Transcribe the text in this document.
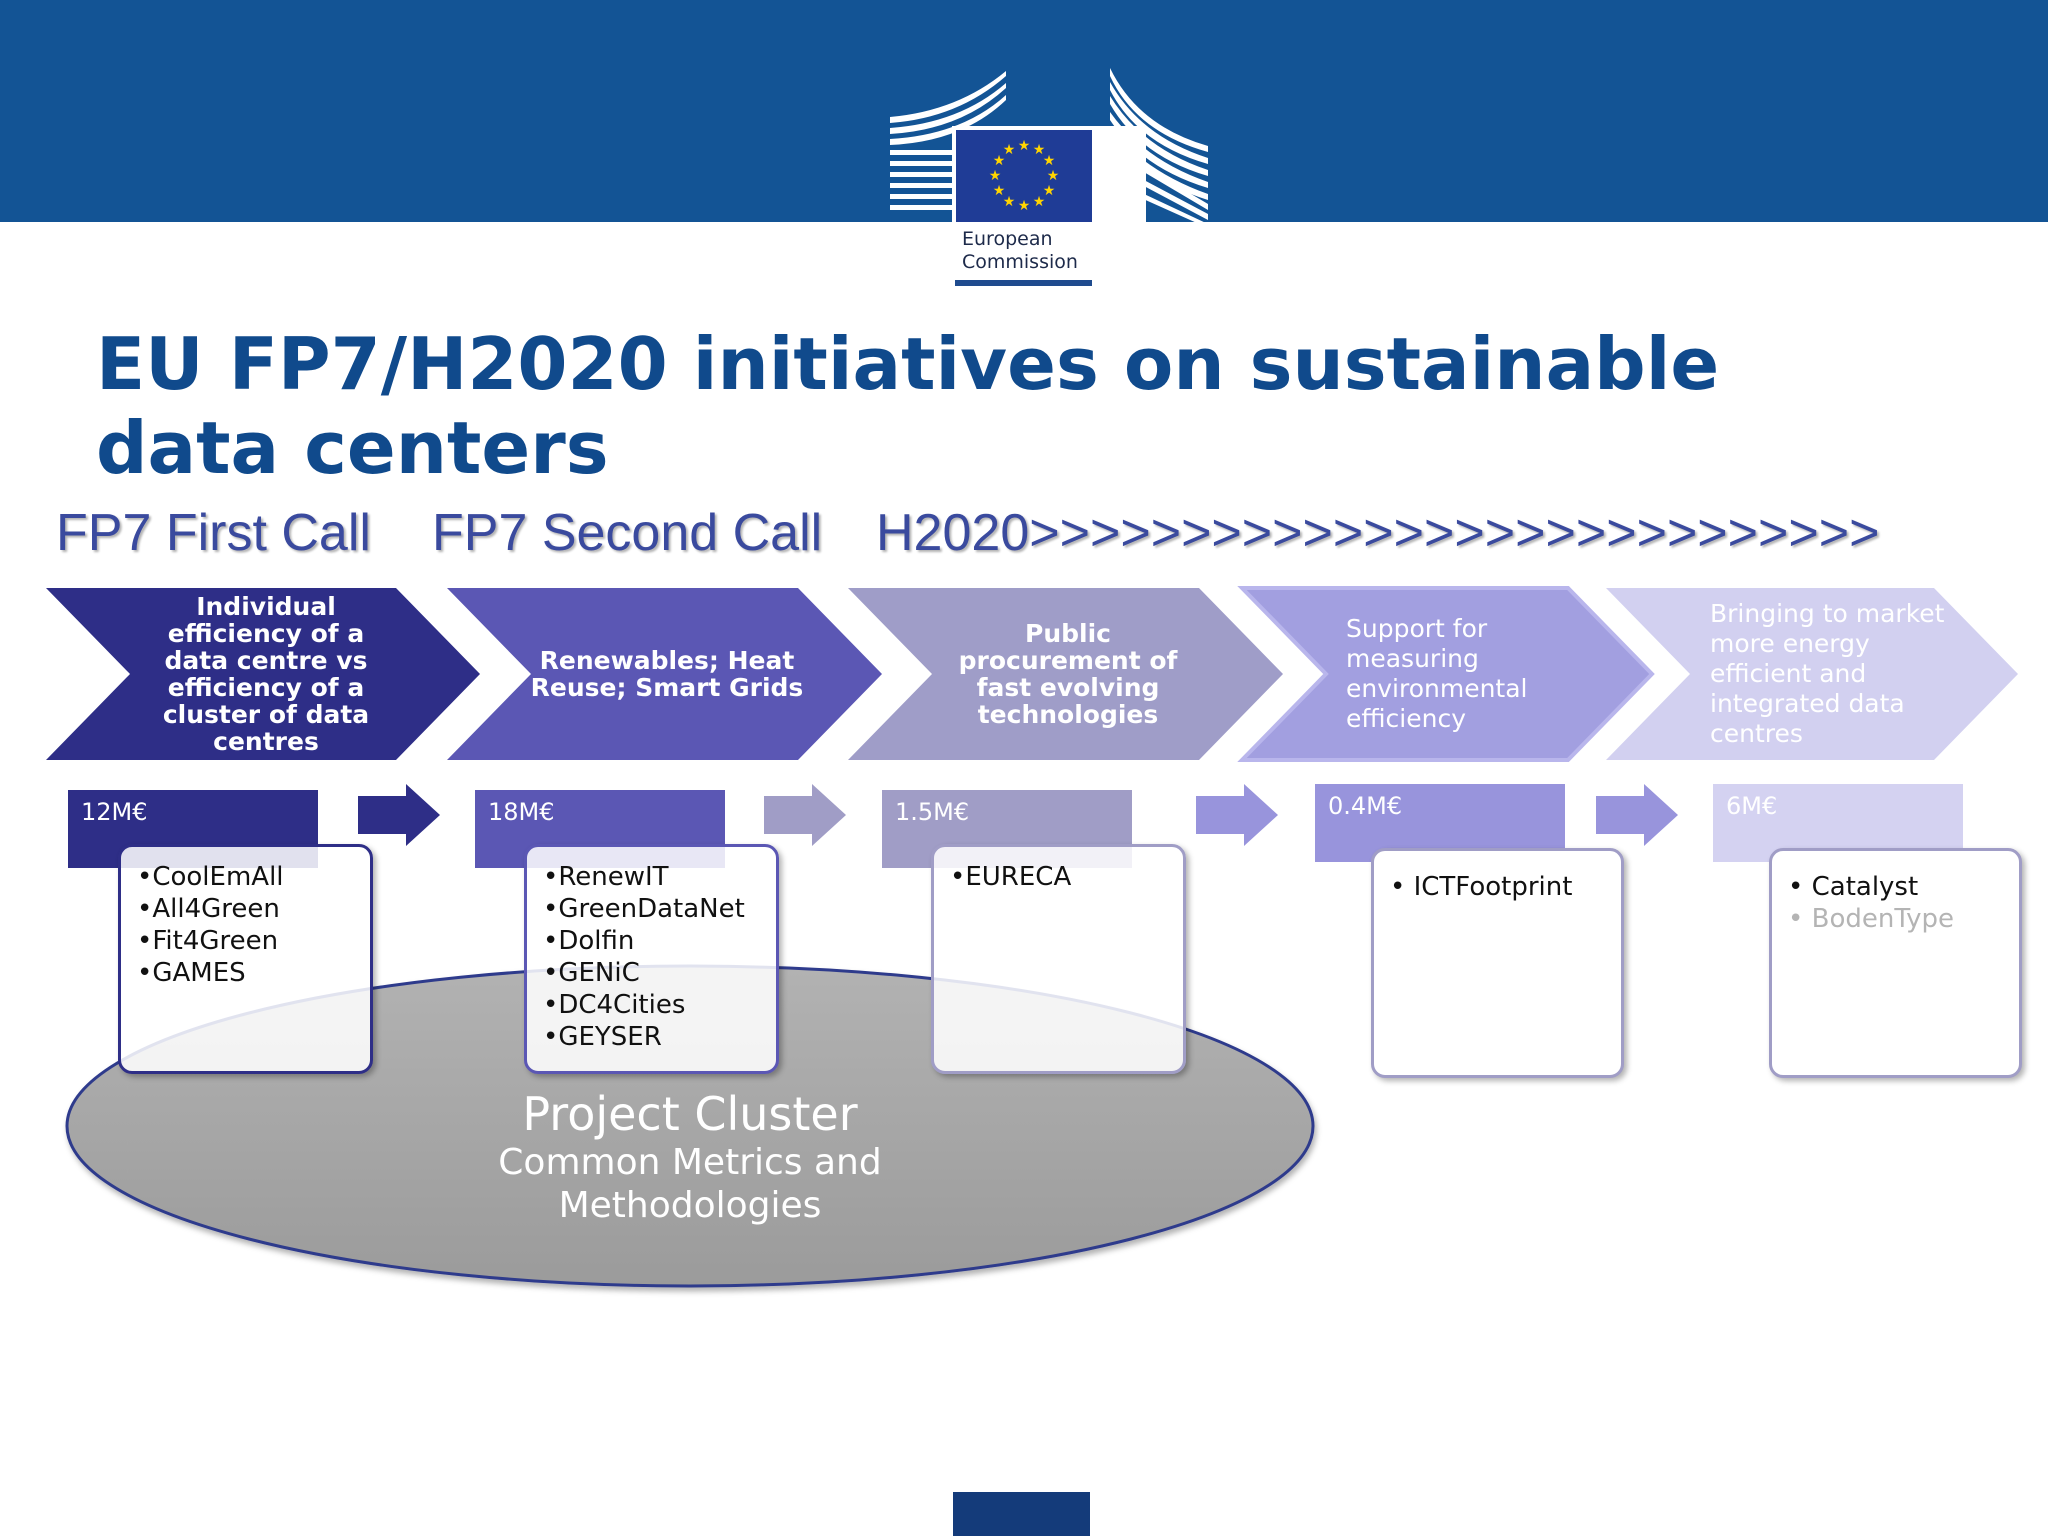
★ ★
★
★
★
★
★
★
★
★
★
★
European
Commission
EU FP7/H2020 initiatives on sustainable
data centers
FP7 First Call FP7 Second Call H2020>>>>>>>>>>>>>>>>>>>>>>>>>>>>
Individual efficiency of a data centre vs efficiency of a cluster of data centres
Renewables; Heat Reuse; Smart Grids
Public procurement of fast evolving technologies
Support for measuring environmental efficiency
Bringing to market more energy efficient and integrated data centres
12M€	18M€	1.5M€	0.4M€	6M€
•CoolEmAll
•All4Green
•Fit4Green
•GAMES
•RenewIT
•GreenDataNet
•Dolfin
•GENiC
•DC4Cities
•GEYSER
•EURECA	• ICTFootprint	• Catalyst
• BodenType
Project Cluster
Common Metrics and
Methodologies
